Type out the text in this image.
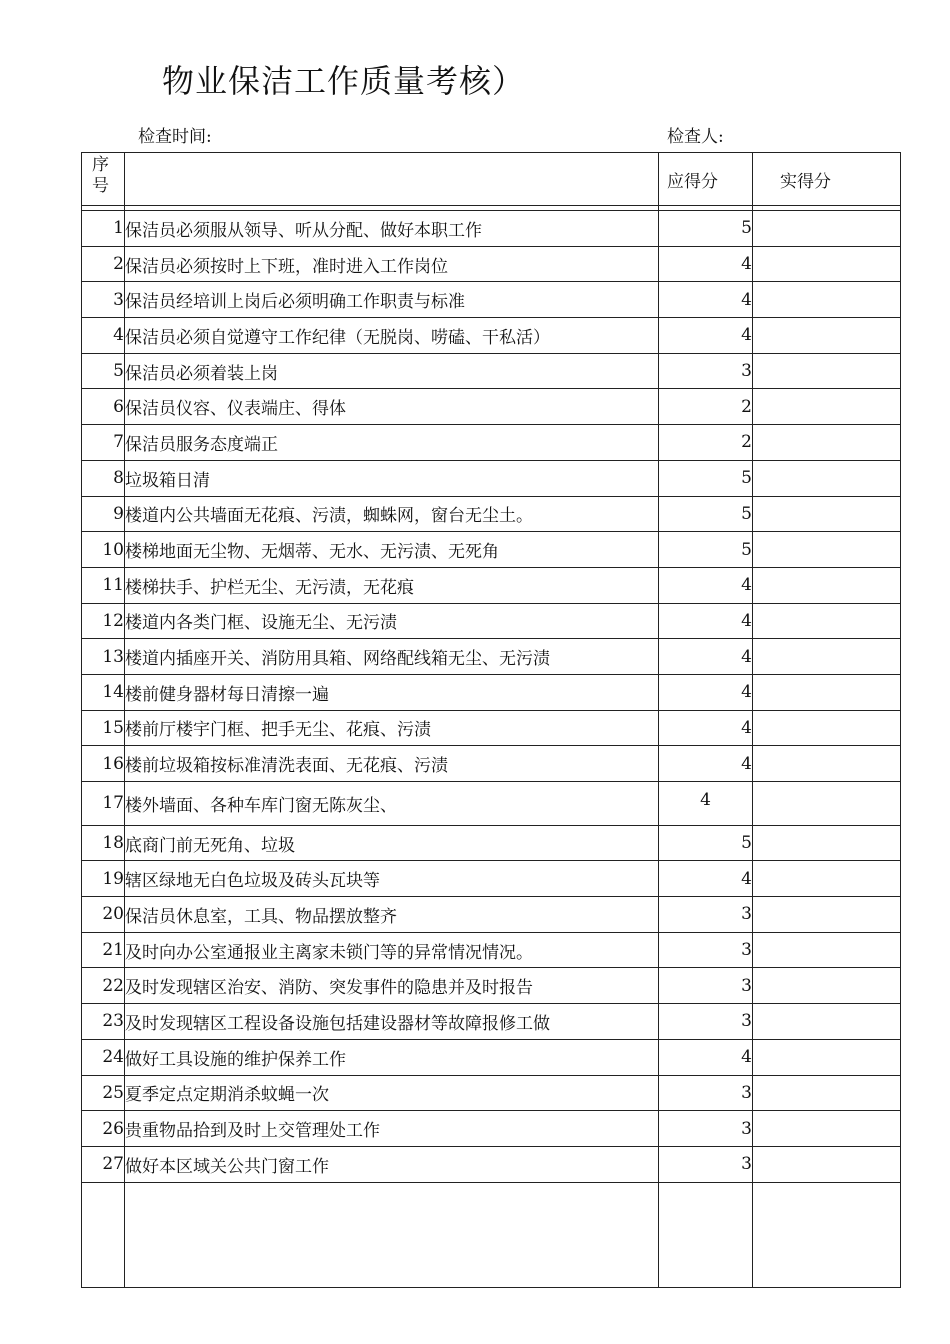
物业保洁工作质量考核）
检查时间:	检查人:
序号		应得分	实得分

1	保洁员必须服从领导、听从分配、做好本职工作	5	
2	保洁员必须按时上下班，准时进入工作岗位	4	
3	保洁员经培训上岗后必须明确工作职责与标准	4	
4	保洁员必须自觉遵守工作纪律（无脱岗、唠磕、干私活）	4	
5	保洁员必须着装上岗	3	
6	保洁员仪容、仪表端庄、得体	2	
7	保洁员服务态度端正	2	
8	垃圾箱日清	5	
9	楼道内公共墙面无花痕、污渍，蜘蛛网，窗台无尘土。	5	
10	楼梯地面无尘物、无烟蒂、无水、无污渍、无死角	5	
11	楼梯扶手、护栏无尘、无污渍，无花痕	4	
12	楼道内各类门框、设施无尘、无污渍	4	
13	楼道内插座开关、消防用具箱、网络配线箱无尘、无污渍	4	
14	楼前健身器材每日清擦一遍	4	
15	楼前厅楼宇门框、把手无尘、花痕、污渍	4	
16	楼前垃圾箱按标准清洗表面、无花痕、污渍	4	
17	楼外墙面、各种车库门窗无陈灰尘、	4	
18	底商门前无死角、垃圾	5	
19	辖区绿地无白色垃圾及砖头瓦块等	4	
20	保洁员休息室，工具、物品摆放整齐	3	
21	及时向办公室通报业主离家未锁门等的异常情况情况。	3	
22	及时发现辖区治安、消防、突发事件的隐患并及时报告	3	
23	及时发现辖区工程设备设施包括建设器材等故障报修工做	3	
24	做好工具设施的维护保养工作	4	
25	夏季定点定期消杀蚊蝇一次	3	
26	贵重物品拾到及时上交管理处工作	3	
27	做好本区域关公共门窗工作	3	
